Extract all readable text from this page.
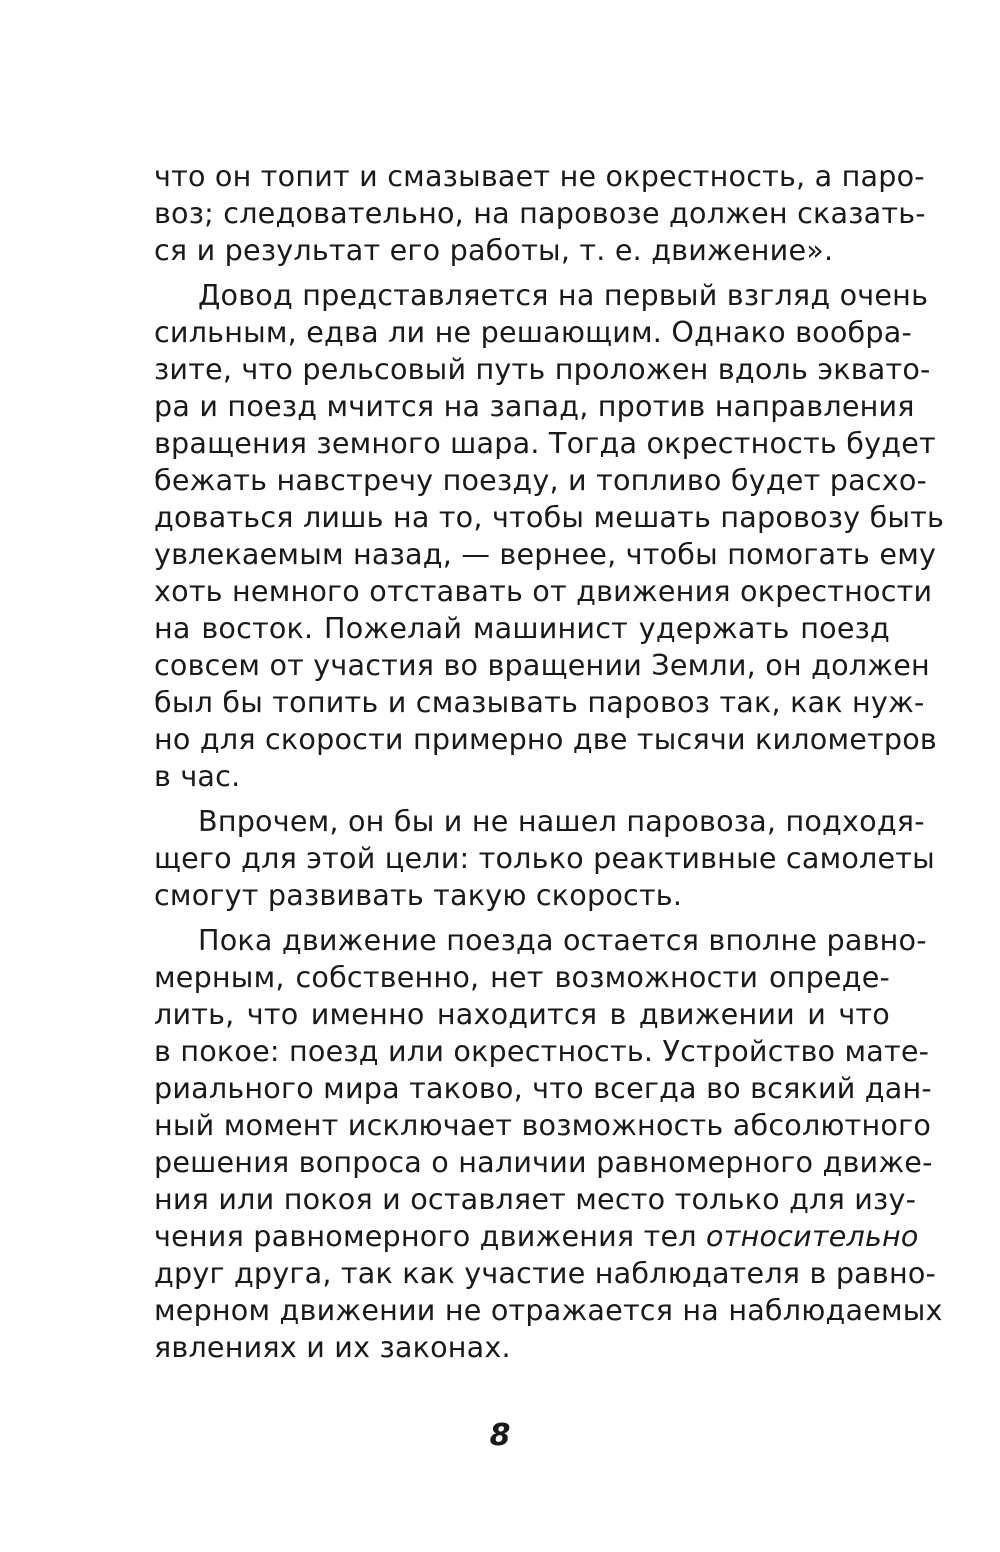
что он топит и смазывает не окрестность, а паро-
воз; следовательно, на паровозе должен сказать-
ся и результат его работы, т. е. движение».
Довод представляется на первый взгляд очень
сильным, едва ли не решающим. Однако вообра-
зите, что рельсовый путь проложен вдоль эквато-
ра и поезд мчится на запад, против направления
вращения земного шара. Тогда окрестность будет
бежать навстречу поезду, и топливо будет расхо-
доваться лишь на то, чтобы мешать паровозу быть
увлекаемым назад, — вернее, чтобы помогать ему
хоть немного отставать от движения окрестности
на восток. Пожелай машинист удержать поезд
совсем от участия во вращении Земли, он должен
был бы топить и смазывать паровоз так, как нуж-
но для скорости примерно две тысячи километров
в час.
Впрочем, он бы и не нашел паровоза, подходя-
щего для этой цели: только реактивные самолеты
смогут развивать такую скорость.
Пока движение поезда остается вполне равно-
мерным, собственно, нет возможности опреде-
лить, что именно находится в движении и что
в покое: поезд или окрестность. Устройство мате-
риального мира таково, что всегда во всякий дан-
ный момент исключает возможность абсолютного
решения вопроса о наличии равномерного движе-
ния или покоя и оставляет место только для изу-
чения равномерного движения тел относительно
друг друга, так как участие наблюдателя в равно-
мерном движении не отражается на наблюдаемых
явлениях и их законах.
8
